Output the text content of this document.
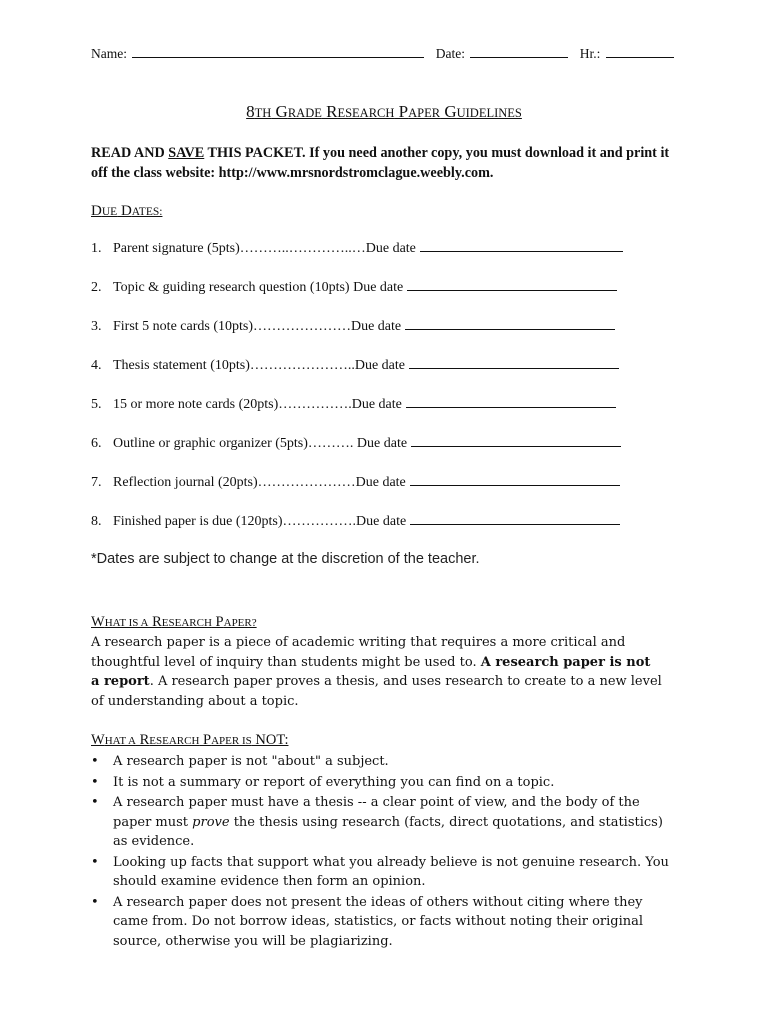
Name:	Date:	Hr.:
8TH GRADE RESEARCH PAPER GUIDELINES
READ AND SAVE THIS PACKET. If you need another copy, you must download it and print it off the class website: http://www.mrsnordstromclague.weebly.com.
DUE DATES:
1. Parent signature (5pts)………..…………..…Due date
2. Topic & guiding research question (10pts) Due date
3. First 5 note cards (10pts)…………………Due date
4. Thesis statement (10pts)…………………..Due date
5. 15 or more note cards (20pts)…………….Due date
6. Outline or graphic organizer (5pts)………. Due date
7. Reflection journal (20pts)…………………Due date
8. Finished paper is due (120pts)…………….Due date
*Dates are subject to change at the discretion of the teacher.
WHAT IS A RESEARCH PAPER?
A research paper is a piece of academic writing that requires a more critical and thoughtful level of inquiry than students might be used to. A research paper is not a report. A research paper proves a thesis, and uses research to create to a new level of understanding about a topic.
WHAT A RESEARCH PAPER IS NOT:
• A research paper is not "about" a subject.
• It is not a summary or report of everything you can find on a topic.
• A research paper must have a thesis -- a clear point of view, and the body of the paper must prove the thesis using research (facts, direct quotations, and statistics) as evidence.
• Looking up facts that support what you already believe is not genuine research. You should examine evidence then form an opinion.
• A research paper does not present the ideas of others without citing where they came from. Do not borrow ideas, statistics, or facts without noting their original source, otherwise you will be plagiarizing.
